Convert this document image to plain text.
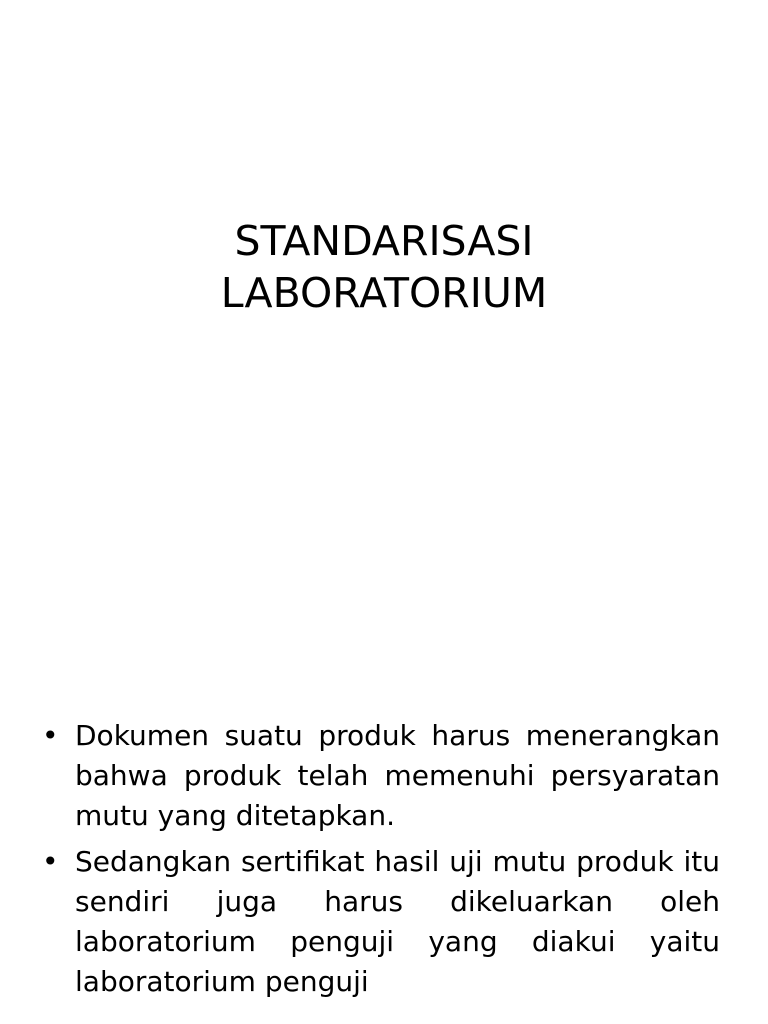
STANDARISASI
LABORATORIUM
• Dokumen suatu produk harus menerangkan bahwa produk telah memenuhi persyaratan mutu yang ditetapkan.
• Sedangkan sertifikat hasil uji mutu produk itu sendiri juga harus dikeluarkan oleh laboratorium penguji yang diakui yaitu laboratorium penguji
